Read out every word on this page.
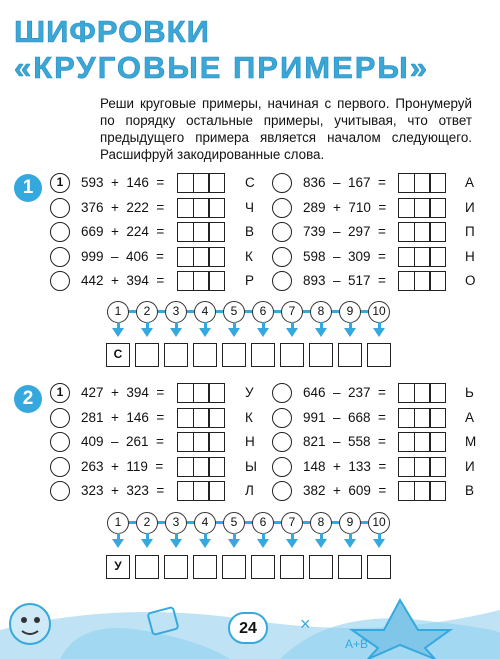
ШИФРОВКИ
«КРУГОВЫЕ ПРИМЕРЫ»
Реши круговые примеры, начиная с первого. Пронумеруй по порядку остальные примеры, учитывая, что ответ предыдущего примера является началом следующего. Расшифруй закодированные слова.
1	1	593  +  146  =	С
376  +  222  =	Ч
669  +  224  =	В
999  –  406  =	К
442  +  394  =	Р
836  –  167  =	А
289  +  710  =	И
739  –  297  =	П
598  –  309  =	Н
893  –  517  =	О
1
С
2	3	4	5	6	7	8	9	10
2	1	427  +  394  =	У
281  +  146  =	К
409  –  261  =	Н
263  +  119  =	Ы
323  +  323  =	Л
646  –  237  =	Ь
991  –  668  =	А
821  –  558  =	М
148  +  133  =	И
382  +  609  =	В
1
У
2	3	4	5	6	7	8	9	10
×
A+B
24
